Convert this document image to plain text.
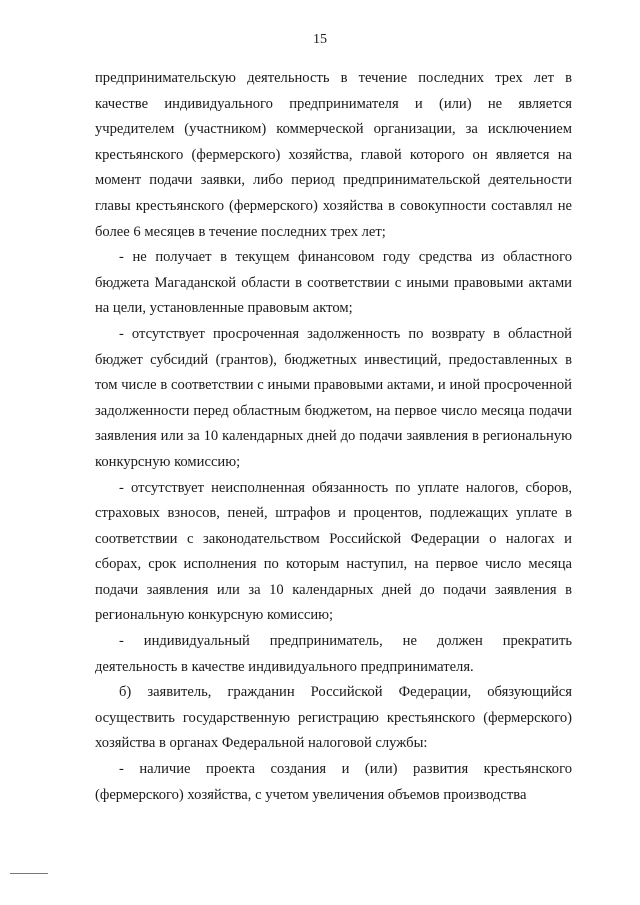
15

предпринимательскую деятельность в течение последних трех лет в качестве индивидуального предпринимателя и (или) не является учредителем (участником) коммерческой организации, за исключением крестьянского (фермерского) хозяйства, главой которого он является на момент подачи заявки, либо период предпринимательской деятельности главы крестьянского (фермерского) хозяйства в совокупности составлял не более 6 месяцев в течение последних трех лет;

- не получает в текущем финансовом году средства из областного бюджета Магаданской области в соответствии с иными правовыми актами на цели, установленные правовым актом;

- отсутствует просроченная задолженность по возврату в областной бюджет субсидий (грантов), бюджетных инвестиций, предоставленных в том числе в соответствии с иными правовыми актами, и иной просроченной задолженности перед областным бюджетом, на первое число месяца подачи заявления или за 10 календарных дней до подачи заявления в региональную конкурсную комиссию;

- отсутствует неисполненная обязанность по уплате налогов, сборов, страховых взносов, пеней, штрафов и процентов, подлежащих уплате в соответствии с законодательством Российской Федерации о налогах и сборах, срок исполнения по которым наступил, на первое число месяца подачи заявления или за 10 календарных дней до подачи заявления в региональную конкурсную комиссию;

- индивидуальный предприниматель, не должен прекратить деятельность в качестве индивидуального предпринимателя.

б) заявитель, гражданин Российской Федерации, обязующийся осуществить государственную регистрацию крестьянского (фермерского) хозяйства в органах Федеральной налоговой службы:

- наличие проекта создания и (или) развития крестьянского (фермерского) хозяйства, с учетом увеличения объемов производства
